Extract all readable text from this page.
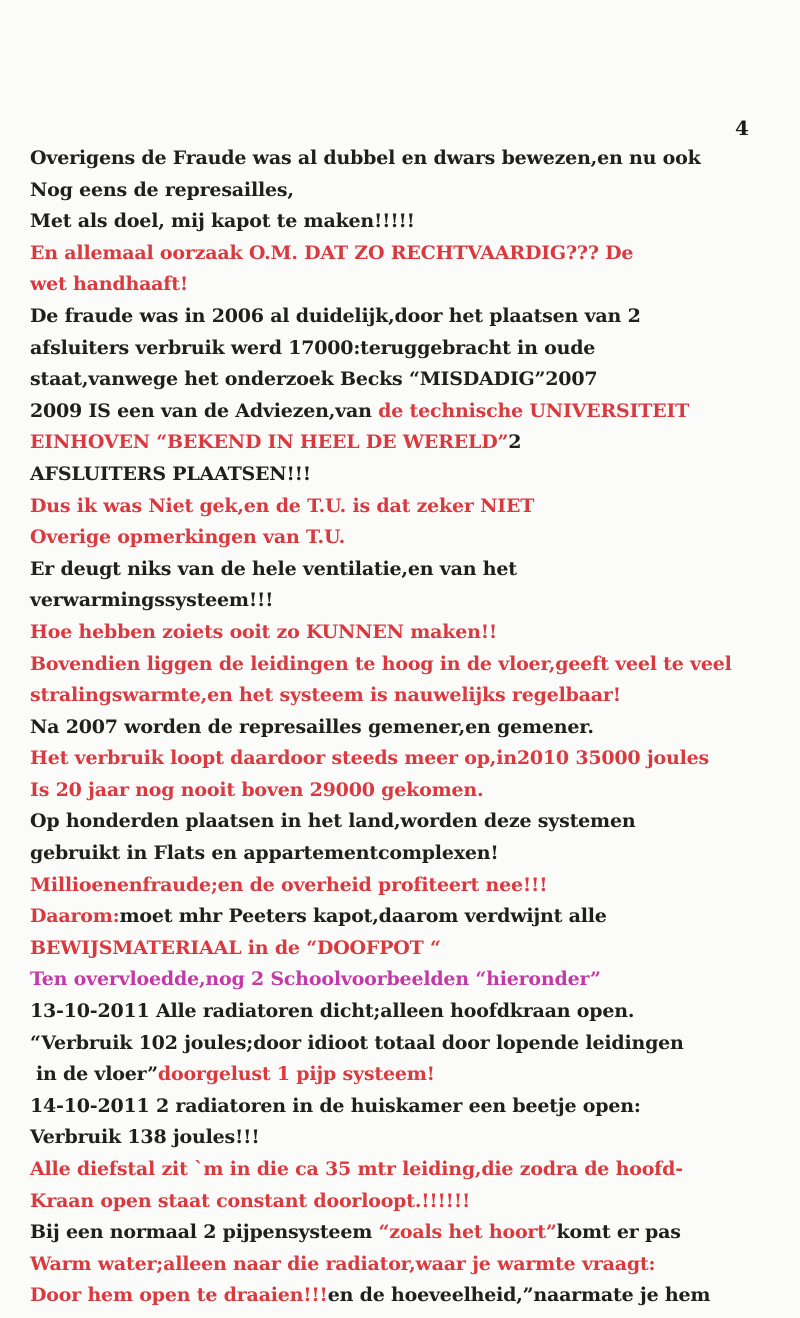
4
Overigens de Fraude was al dubbel en dwars bewezen,en nu ook
Nog eens de represailles,
Met als doel, mij kapot te maken!!!!!
En allemaal oorzaak O.M. DAT ZO RECHTVAARDIG??? De
wet handhaaft!
De fraude was in 2006 al duidelijk,door het plaatsen van 2
afsluiters verbruik werd 17000:teruggebracht in oude
staat,vanwege het onderzoek Becks “MISDADIG”2007
2009 IS een van de Adviezen,van de technische UNIVERSITEIT
EINHOVEN “BEKEND IN HEEL DE WERELD”2
AFSLUITERS PLAATSEN!!!
Dus ik was Niet gek,en de T.U. is dat zeker NIET
Overige opmerkingen van T.U.
Er deugt niks van de hele ventilatie,en van het
verwarmingssysteem!!!
Hoe hebben zoiets ooit zo KUNNEN maken!!
Bovendien liggen de leidingen te hoog in de vloer,geeft veel te veel
stralingswarmte,en het systeem is nauwelijks regelbaar!
Na 2007 worden de represailles gemener,en gemener.
Het verbruik loopt daardoor steeds meer op,in2010 35000 joules
Is 20 jaar nog nooit boven 29000 gekomen.
Op honderden plaatsen in het land,worden deze systemen
gebruikt in Flats en appartementcomplexen!
Millioenenfraude;en de overheid profiteert nee!!!
Daarom:moet mhr Peeters kapot,daarom verdwijnt alle
BEWIJSMATERIAAL in de “DOOFPOT “
Ten overvloedde,nog 2 Schoolvoorbeelden “hieronder”
13-10-2011 Alle radiatoren dicht;alleen hoofdkraan open.
“Verbruik 102 joules;door idioot totaal door lopende leidingen
in de vloer”doorgelust 1 pijp systeem!
14-10-2011 2 radiatoren in de huiskamer een beetje open:
Verbruik 138 joules!!!
Alle diefstal zit `m in die ca 35 mtr leiding,die zodra de hoofd-
Kraan open staat constant doorloopt.!!!!!!
Bij een normaal 2 pijpensysteem “zoals het hoort”komt er pas
Warm water;alleen naar die radiator,waar je warmte vraagt:
Door hem open te draaien!!!en de hoeveelheid,”naarmate je hem
